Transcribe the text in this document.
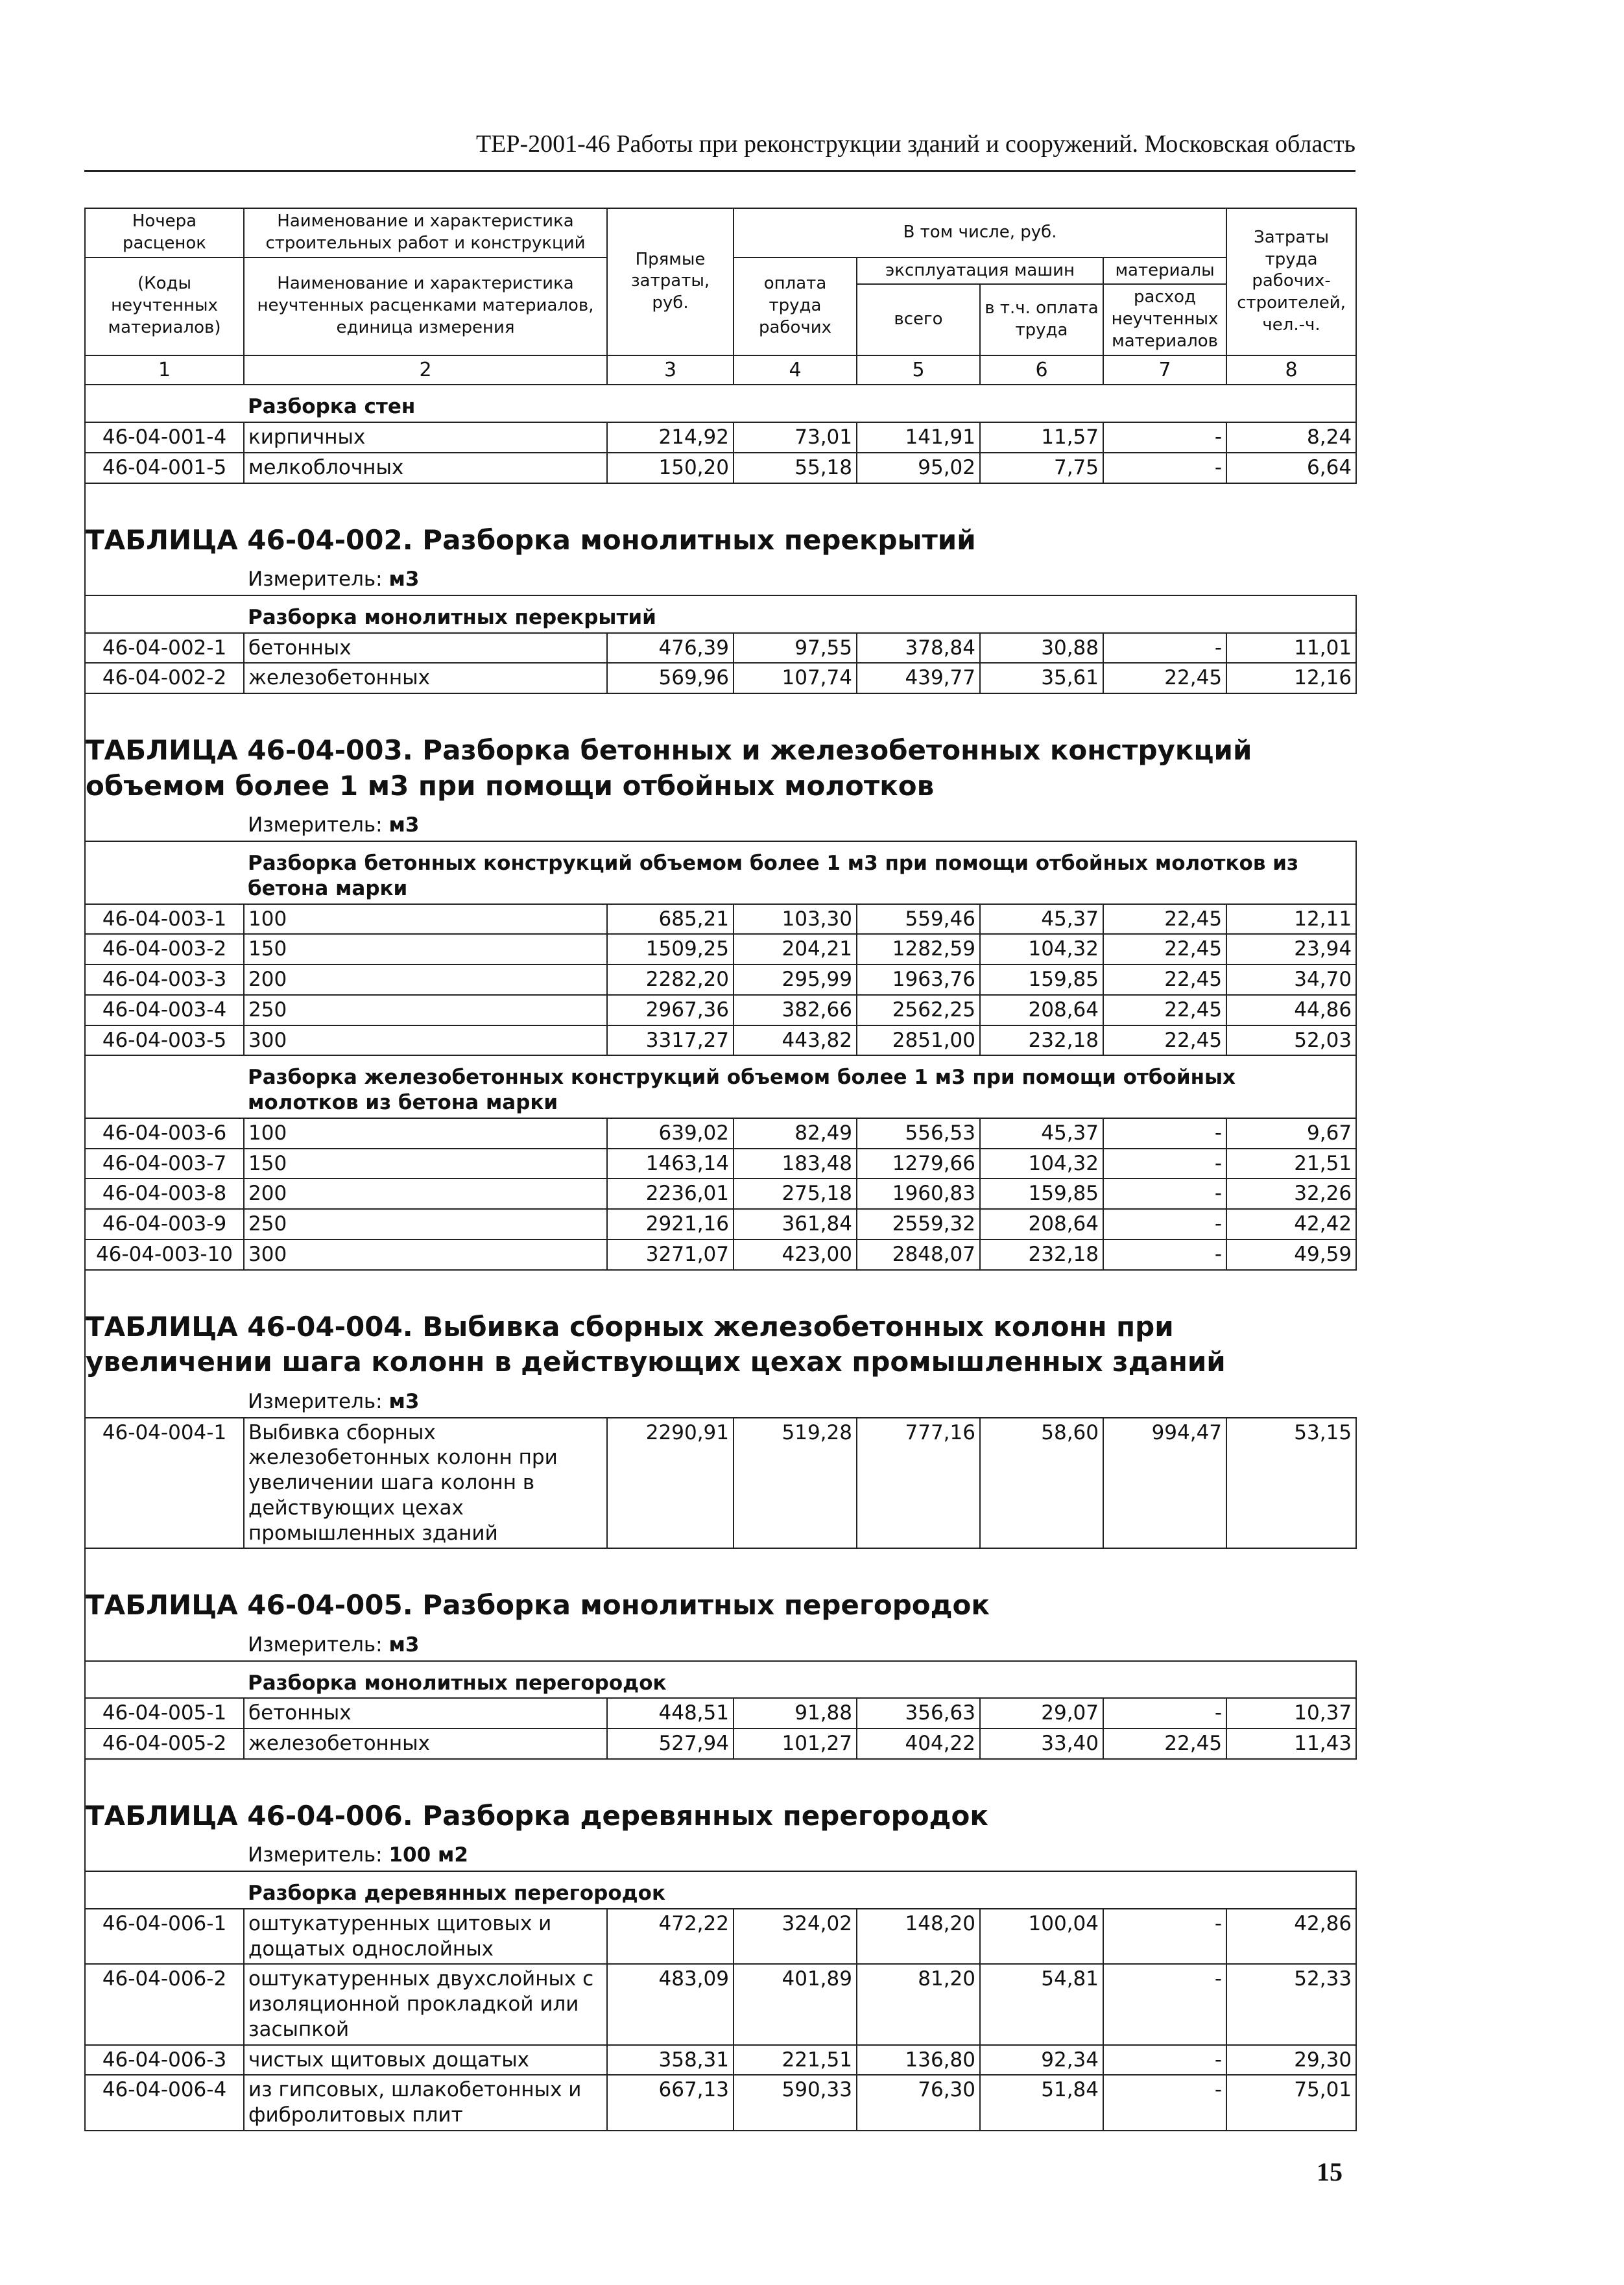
ТЕР-2001-46 Работы при реконструкции зданий и сооружений. Московская область
Ночера расценок	Наименование и характеристика строительных работ и конструкций	Прямые затраты, руб.	В том числе, руб.				Затраты труда рабочих-строителей, чел.-ч.
(Коды неучтенных материалов)	Наименование и характеристика неучтенных расценками материалов, единица измерения		оплата труда рабочих	эксплуатация машин		материалы	
				всего	в т.ч. оплата труда	расход неучтенных материалов	
1	2	3	4	5	6	7	8
	Разборка стен						
46-04-001-4	кирпичных	214,92	73,01	141,91	11,57	-	8,24
46-04-001-5	мелкоблочных	150,20	55,18	95,02	7,75	-	6,64

ТАБЛИЦА 46-04-002. Разборка монолитных перекрытий							
Измеритель: м3							
	Разборка монолитных перекрытий						
46-04-002-1	бетонных	476,39	97,55	378,84	30,88	-	11,01
46-04-002-2	железобетонных	569,96	107,74	439,77	35,61	22,45	12,16

ТАБЛИЦА 46-04-003. Разборка бетонных и железобетонных конструкций объемом более 1 м3 при помощи отбойных молотков							
Измеритель: м3							
	Разборка бетонных конструкций объемом более 1 м3 при помощи отбойных молотков из бетона марки						
46-04-003-1	100	685,21	103,30	559,46	45,37	22,45	12,11
46-04-003-2	150	1509,25	204,21	1282,59	104,32	22,45	23,94
46-04-003-3	200	2282,20	295,99	1963,76	159,85	22,45	34,70
46-04-003-4	250	2967,36	382,66	2562,25	208,64	22,45	44,86
46-04-003-5	300	3317,27	443,82	2851,00	232,18	22,45	52,03
	Разборка железобетонных конструкций объемом более 1 м3 при помощи отбойных молотков из бетона марки						
46-04-003-6	100	639,02	82,49	556,53	45,37	-	9,67
46-04-003-7	150	1463,14	183,48	1279,66	104,32	-	21,51
46-04-003-8	200	2236,01	275,18	1960,83	159,85	-	32,26
46-04-003-9	250	2921,16	361,84	2559,32	208,64	-	42,42
46-04-003-10	300	3271,07	423,00	2848,07	232,18	-	49,59

ТАБЛИЦА 46-04-004. Выбивка сборных железобетонных колонн при увеличении шага колонн в действующих цехах промышленных зданий							
Измеритель: м3							
46-04-004-1	Выбивка сборных железобетонных колонн при увеличении шага колонн в действующих цехах промышленных зданий	2290,91	519,28	777,16	58,60	994,47	53,15

ТАБЛИЦА 46-04-005. Разборка монолитных перегородок							
Измеритель: м3							
	Разборка монолитных перегородок						
46-04-005-1	бетонных	448,51	91,88	356,63	29,07	-	10,37
46-04-005-2	железобетонных	527,94	101,27	404,22	33,40	22,45	11,43

ТАБЛИЦА 46-04-006. Разборка деревянных перегородок							
Измеритель: 100 м2							
	Разборка деревянных перегородок						
46-04-006-1	оштукатуренных щитовых и дощатых однослойных	472,22	324,02	148,20	100,04	-	42,86
46-04-006-2	оштукатуренных двухслойных с изоляционной прокладкой или засыпкой	483,09	401,89	81,20	54,81	-	52,33
46-04-006-3	чистых щитовых дощатых	358,31	221,51	136,80	92,34	-	29,30
46-04-006-4	из гипсовых, шлакобетонных и фибролитовых плит	667,13	590,33	76,30	51,84	-	75,01
15
